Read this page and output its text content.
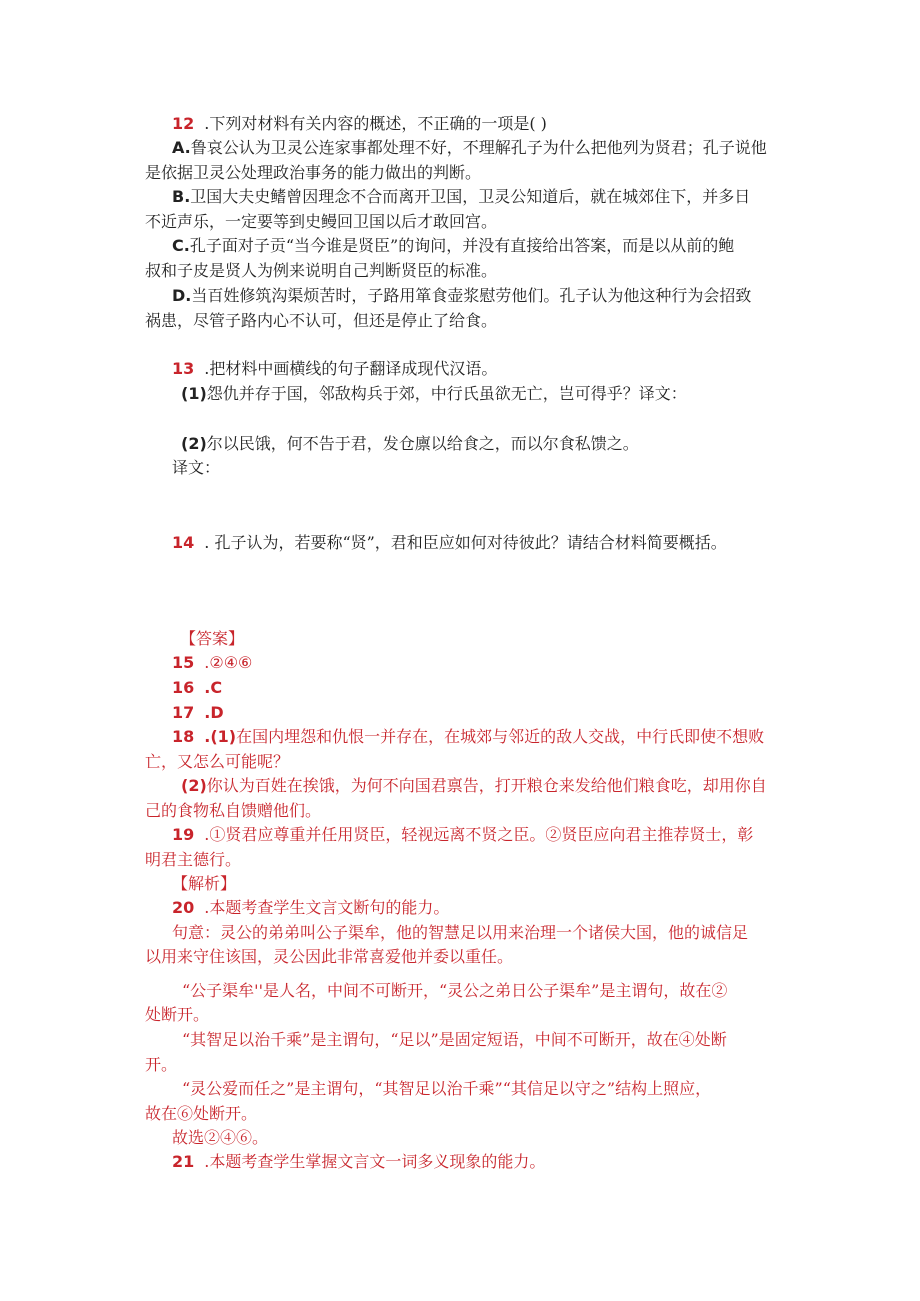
12 .下列对材料有关内容的概述，不正确的一项是( )
A.鲁哀公认为卫灵公连家事都处理不好，不理解孔子为什么把他列为贤君；孔子说他
是依据卫灵公处理政治事务的能力做出的判断。
B.卫国大夫史鳍曾因理念不合而离开卫国，卫灵公知道后，就在城郊住下，并多日
不近声乐，一定要等到史鳗回卫国以后才敢回宫。
C.孔子面对子贡“当今谁是贤臣”的询问，并没有直接给出答案，而是以从前的鲍
叔和子皮是贤人为例来说明自己判断贤臣的标准。
D.当百姓修筑沟渠烦苦时，子路用箪食壶浆慰劳他们。孔子认为他这种行为会招致
祸患，尽管子路内心不认可，但还是停止了给食。
13 .把材料中画横线的句子翻译成现代汉语。
(1)怨仇并存于国，邻敌构兵于郊，中行氏虽欲无亡，岂可得乎？译文：
(2)尔以民饿，何不告于君，发仓廪以给食之，而以尔食私馈之。
译文：
14 . 孔子认为，若要称“贤”，君和臣应如何对待彼此？请结合材料简要概括。
【答案】
15 .②④⑥
16 .C
17 .D
18 .(1)在国内埋怨和仇恨一并存在，在城郊与邻近的敌人交战，中行氏即使不想败
亡，又怎么可能呢？
(2)你认为百姓在挨饿，为何不向国君禀告，打开粮仓来发给他们粮食吃，却用你自
己的食物私自馈赠他们。
19 .①贤君应尊重并任用贤臣，轻视远离不贤之臣。②贤臣应向君主推荐贤士，彰
明君主德行。
【解析】
20 .本题考查学生文言文断句的能力。
句意：灵公的弟弟叫公子渠牟，他的智慧足以用来治理一个诸侯大国，他的诚信足
以用来守住该国，灵公因此非常喜爱他并委以重任。
“公子渠牟''是人名，中间不可断开，“灵公之弟日公子渠牟”是主谓句，故在②
处断开。
“其智足以治千乘”是主谓句，“足以”是固定短语，中间不可断开，故在④处断
开。
“灵公爱而任之”是主谓句，“其智足以治千乘”“其信足以守之”结构上照应，
故在⑥处断开。
故选②④⑥。
21 .本题考查学生掌握文言文一词多义现象的能力。
